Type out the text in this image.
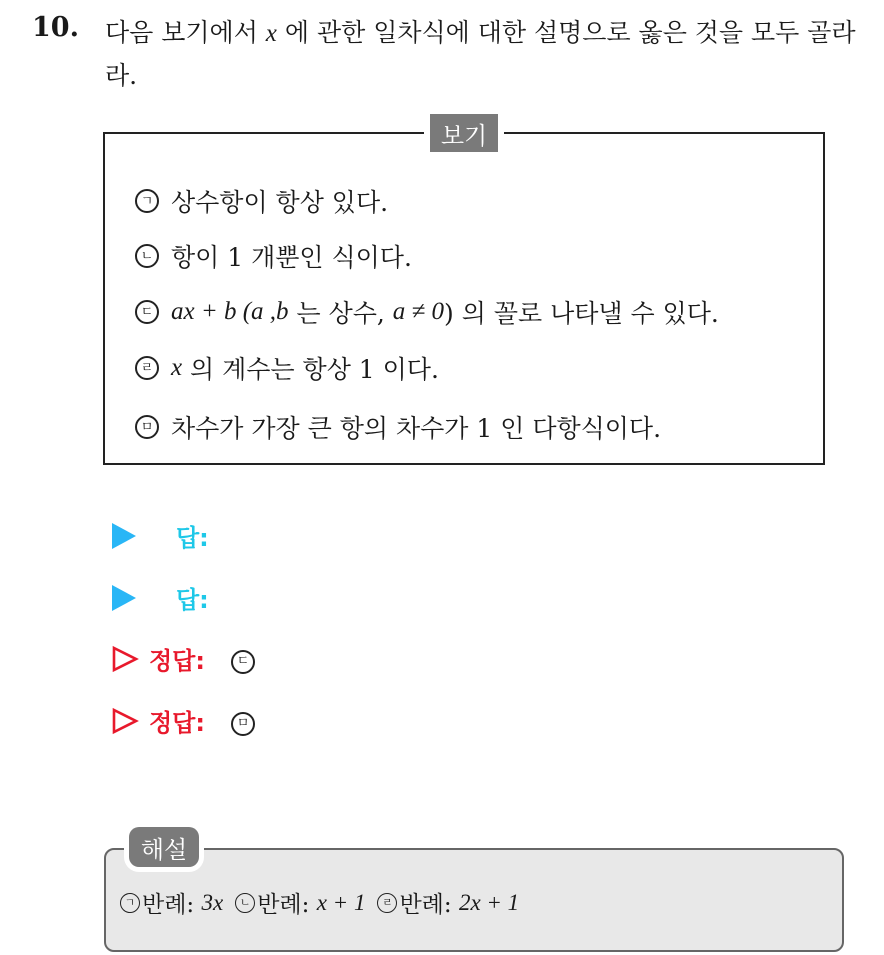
10. 다음 보기에서 x 에 관한 일차식에 대한 설명으로 옳은 것을 모두 골라라.
보기
ㄱ 상수항이 항상 있다.
ㄴ 항이 1 개뿐인 식이다.
ㄷ ax + b (a ,b 는 상수, a ≠ 0 ) 의 꼴로 나타낼 수 있다.
ㄹ x 의 계수는 항상 1 이다.
ㅁ 차수가 가장 큰 항의 차수가 1 인 다항식이다.
답:
답:
정답:	ㄷ
정답:	ㅁ
해설
ㄱ 반례: 3x	ㄴ 반례: x + 1	ㄹ 반례: 2x + 1
